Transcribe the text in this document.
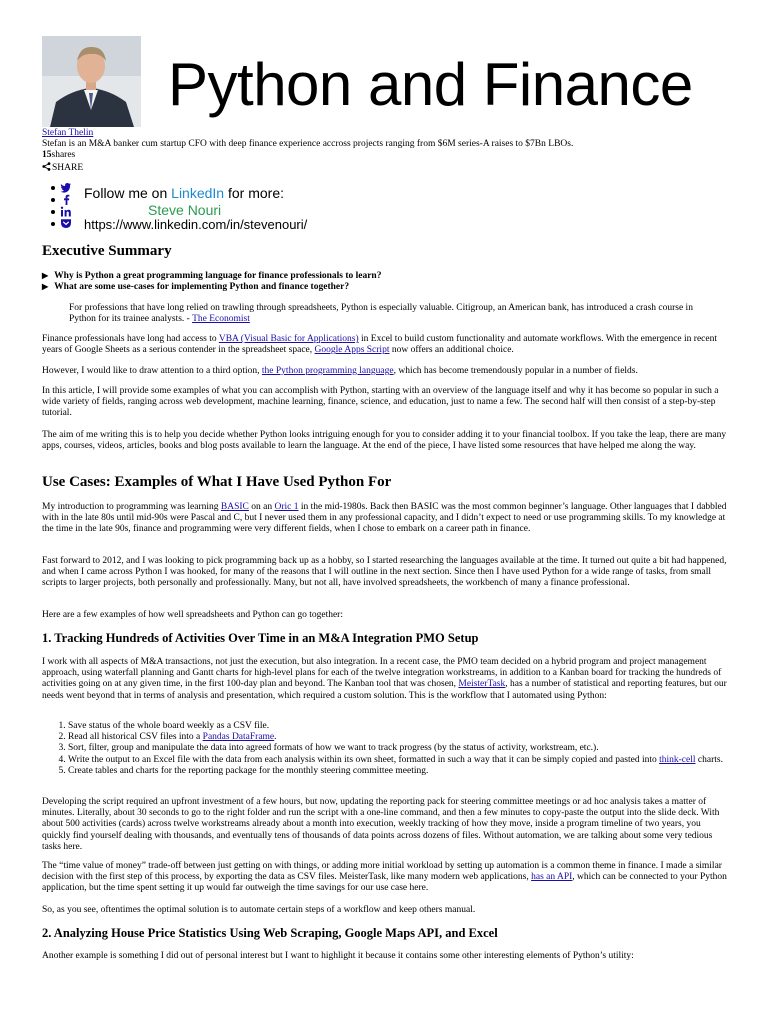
Python and Finance
Stefan Thelin
Stefan is an M&A banker cum startup CFO with deep finance experience accross projects ranging from $6M series-A raises to $7Bn LBOs.
15shares
SHARE
Follow me on LinkedIn for more:
Steve Nouri
https://www.linkedin.com/in/stevenouri/
Executive Summary
▶ Why is Python a great programming language for finance professionals to learn?
▶ What are some use-cases for implementing Python and finance together?
For professions that have long relied on trawling through spreadsheets, Python is especially valuable. Citigroup, an American bank, has introduced a crash course in Python for its trainee analysts. - The Economist
Finance professionals have long had access to VBA (Visual Basic for Applications) in Excel to build custom functionality and automate workflows. With the emergence in recent years of Google Sheets as a serious contender in the spreadsheet space, Google Apps Script now offers an additional choice.
However, I would like to draw attention to a third option, the Python programming language, which has become tremendously popular in a number of fields.
In this article, I will provide some examples of what you can accomplish with Python, starting with an overview of the language itself and why it has become so popular in such a wide variety of fields, ranging across web development, machine learning, finance, science, and education, just to name a few. The second half will then consist of a step-by-step tutorial.
The aim of me writing this is to help you decide whether Python looks intriguing enough for you to consider adding it to your financial toolbox. If you take the leap, there are many apps, courses, videos, articles, books and blog posts available to learn the language. At the end of the piece, I have listed some resources that have helped me along the way.
Use Cases: Examples of What I Have Used Python For
My introduction to programming was learning BASIC on an Oric 1 in the mid-1980s. Back then BASIC was the most common beginner’s language. Other languages that I dabbled with in the late 80s until mid-90s were Pascal and C, but I never used them in any professional capacity, and I didn’t expect to need or use programming skills. To my knowledge at the time in the late 90s, finance and programming were very different fields, when I chose to embark on a career path in finance.
Fast forward to 2012, and I was looking to pick programming back up as a hobby, so I started researching the languages available at the time. It turned out quite a bit had happened, and when I came across Python I was hooked, for many of the reasons that I will outline in the next section. Since then I have used Python for a wide range of tasks, from small scripts to larger projects, both personally and professionally. Many, but not all, have involved spreadsheets, the workbench of many a finance professional.
Here are a few examples of how well spreadsheets and Python can go together:
1. Tracking Hundreds of Activities Over Time in an M&A Integration PMO Setup
I work with all aspects of M&A transactions, not just the execution, but also integration. In a recent case, the PMO team decided on a hybrid program and project management approach, using waterfall planning and Gantt charts for high-level plans for each of the twelve integration workstreams, in addition to a Kanban board for tracking the hundreds of activities going on at any given time, in the first 100-day plan and beyond. The Kanban tool that was chosen, MeisterTask, has a number of statistical and reporting features, but our needs went beyond that in terms of analysis and presentation, which required a custom solution. This is the workflow that I automated using Python:
1. Save status of the whole board weekly as a CSV file.
2. Read all historical CSV files into a Pandas DataFrame.
3. Sort, filter, group and manipulate the data into agreed formats of how we want to track progress (by the status of activity, workstream, etc.).
4. Write the output to an Excel file with the data from each analysis within its own sheet, formatted in such a way that it can be simply copied and pasted into think-cell charts.
5. Create tables and charts for the reporting package for the monthly steering committee meeting.
Developing the script required an upfront investment of a few hours, but now, updating the reporting pack for steering committee meetings or ad hoc analysis takes a matter of minutes. Literally, about 30 seconds to go to the right folder and run the script with a one-line command, and then a few minutes to copy-paste the output into the slide deck. With about 500 activities (cards) across twelve workstreams already about a month into execution, weekly tracking of how they move, inside a program timeline of two years, you quickly find yourself dealing with thousands, and eventually tens of thousands of data points across dozens of files. Without automation, we are talking about some very tedious tasks here.
The “time value of money” trade-off between just getting on with things, or adding more initial workload by setting up automation is a common theme in finance. I made a similar decision with the first step of this process, by exporting the data as CSV files. MeisterTask, like many modern web applications, has an API, which can be connected to your Python application, but the time spent setting it up would far outweigh the time savings for our use case here.
So, as you see, oftentimes the optimal solution is to automate certain steps of a workflow and keep others manual.
2. Analyzing House Price Statistics Using Web Scraping, Google Maps API, and Excel
Another example is something I did out of personal interest but I want to highlight it because it contains some other interesting elements of Python’s utility:
